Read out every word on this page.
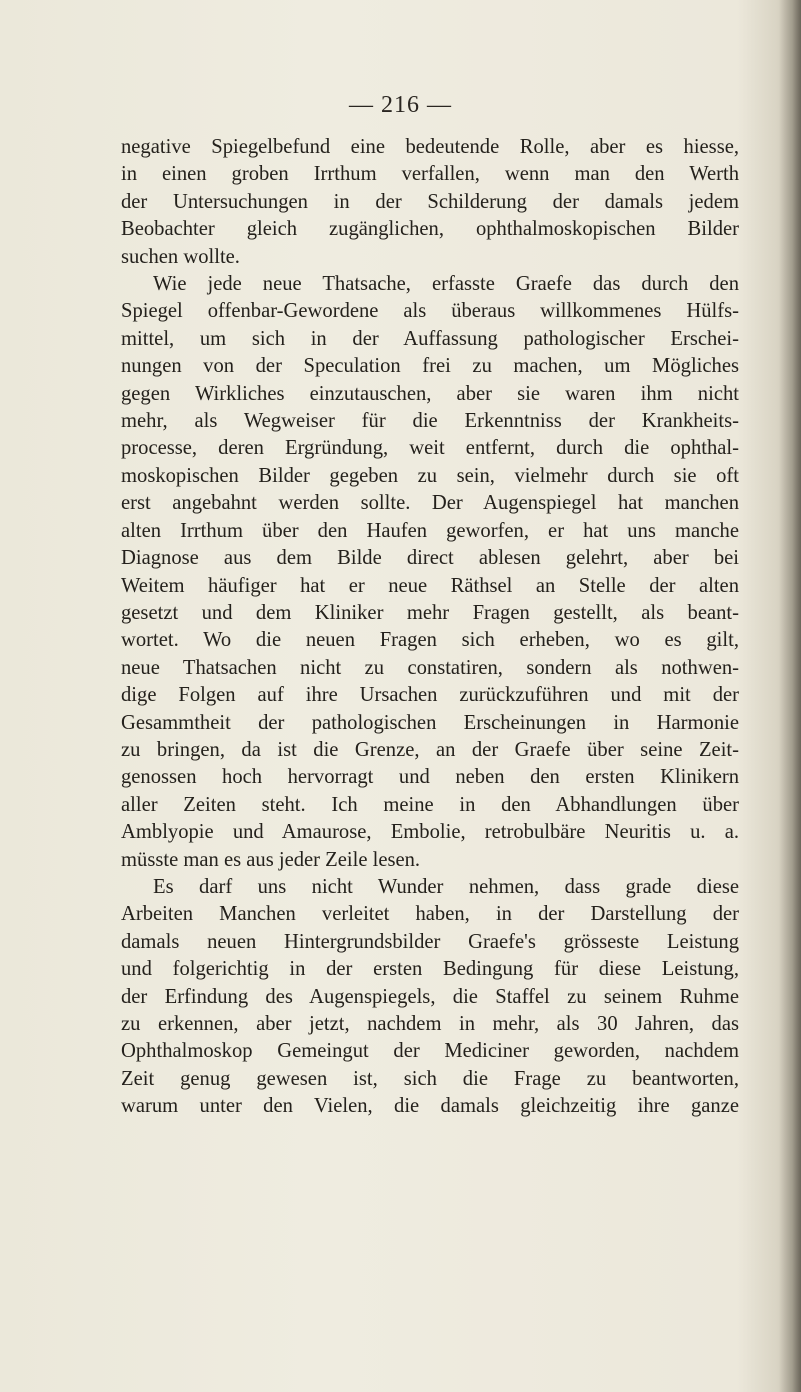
— 216 —
negative Spiegelbefund eine bedeutende Rolle, aber es hiesse,
in einen groben Irrthum verfallen, wenn man den Werth
der Untersuchungen in der Schilderung der damals jedem
Beobachter gleich zugänglichen, ophthalmoskopischen Bilder
suchen wollte.
Wie jede neue Thatsache, erfasste Graefe das durch den
Spiegel offenbar-Gewordene als überaus willkommenes Hülfs-
mittel, um sich in der Auffassung pathologischer Erschei-
nungen von der Speculation frei zu machen, um Mögliches
gegen Wirkliches einzutauschen, aber sie waren ihm nicht
mehr, als Wegweiser für die Erkenntniss der Krankheits-
processe, deren Ergründung, weit entfernt, durch die ophthal-
moskopischen Bilder gegeben zu sein, vielmehr durch sie oft
erst angebahnt werden sollte. Der Augenspiegel hat manchen
alten Irrthum über den Haufen geworfen, er hat uns manche
Diagnose aus dem Bilde direct ablesen gelehrt, aber bei
Weitem häufiger hat er neue Räthsel an Stelle der alten
gesetzt und dem Kliniker mehr Fragen gestellt, als beant-
wortet. Wo die neuen Fragen sich erheben, wo es gilt,
neue Thatsachen nicht zu constatiren, sondern als nothwen-
dige Folgen auf ihre Ursachen zurückzuführen und mit der
Gesammtheit der pathologischen Erscheinungen in Harmonie
zu bringen, da ist die Grenze, an der Graefe über seine Zeit-
genossen hoch hervorragt und neben den ersten Klinikern
aller Zeiten steht. Ich meine in den Abhandlungen über
Amblyopie und Amaurose, Embolie, retrobulbäre Neuritis u. a.
müsste man es aus jeder Zeile lesen.
Es darf uns nicht Wunder nehmen, dass grade diese
Arbeiten Manchen verleitet haben, in der Darstellung der
damals neuen Hintergrundsbilder Graefe's grösseste Leistung
und folgerichtig in der ersten Bedingung für diese Leistung,
der Erfindung des Augenspiegels, die Staffel zu seinem Ruhme
zu erkennen, aber jetzt, nachdem in mehr, als 30 Jahren, das
Ophthalmoskop Gemeingut der Mediciner geworden, nachdem
Zeit genug gewesen ist, sich die Frage zu beantworten,
warum unter den Vielen, die damals gleichzeitig ihre ganze
